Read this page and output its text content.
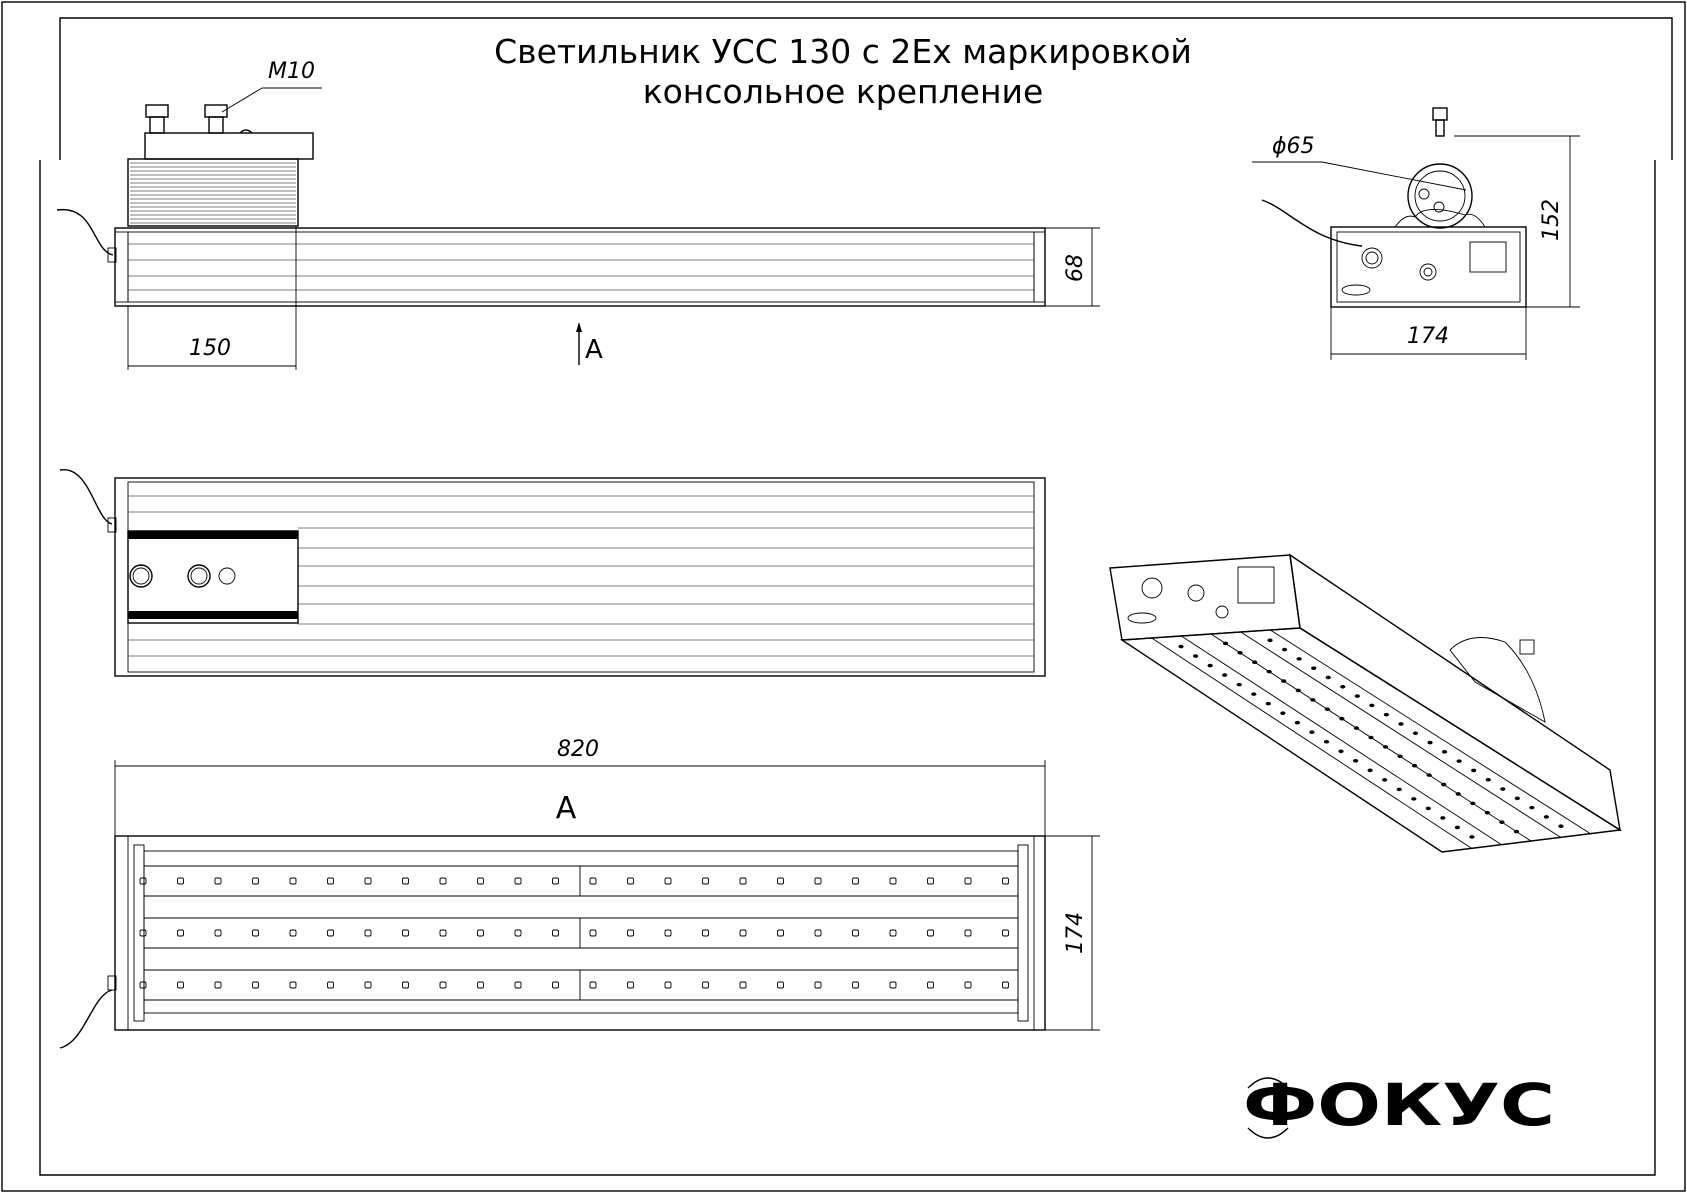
Светильник УСС 130 с 2Ex маркировкой
консольное крепление
M10
68
150	A
820
A
174
ϕ65
152
174
ФОКУС
